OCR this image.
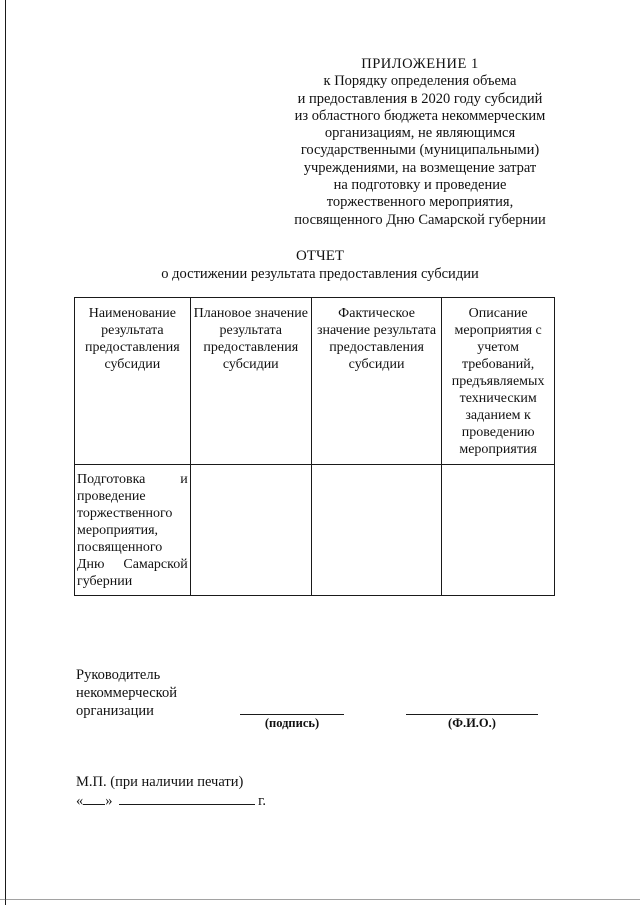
ПРИЛОЖЕНИЕ 1
к Порядку определения объема
и предоставления в 2020 году субсидий
из областного бюджета некоммерческим
организациям, не являющимся
государственными (муниципальными)
учреждениями, на возмещение затрат
на подготовку и проведение
торжественного мероприятия,
посвященного Дню Самарской губернии
ОТЧЕТ
о достижении результата предоставления субсидии
Наименование результата предоставления субсидии	Плановое значение результата предоставления субсидии	Фактическое значение результата предоставления субсидии	Описание мероприятия с учетом требований, предъявляемых техническим заданием к проведению мероприятия
Подготовка и проведение торжественного мероприятия, посвященного Дню Самарской губернии			
Руководитель
некоммерческой
организации
(подпись)	(Ф.И.О.)
М.П. (при наличии печати)
« »	г.
